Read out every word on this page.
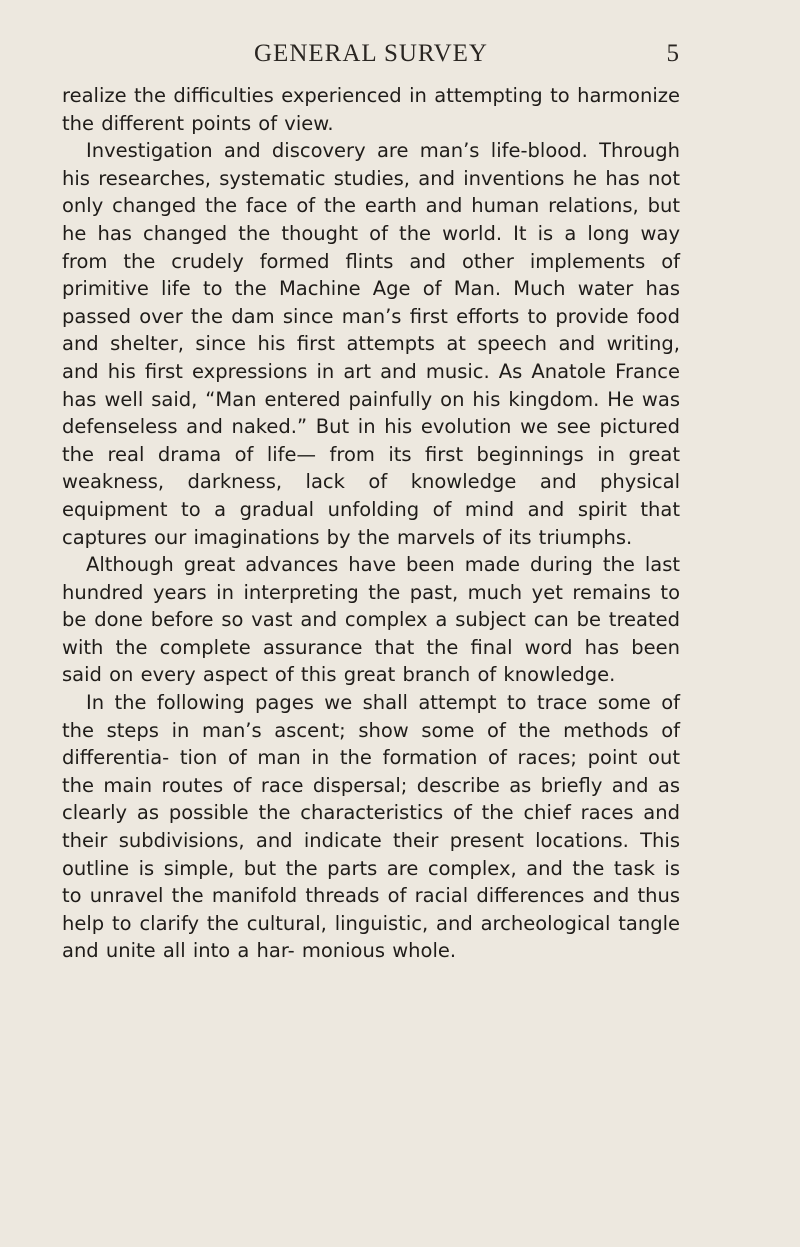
GENERAL SURVEY	5

realize the difficulties experienced in attempting to harmonize the different points of view.

Investigation and discovery are man’s life-blood. Through his researches, systematic studies, and inventions he has not only changed the face of the earth and human relations, but he has changed the thought of the world. It is a long way from the crudely formed flints and other implements of primitive life to the Machine Age of Man. Much water has passed over the dam since man’s first efforts to provide food and shelter, since his first attempts at speech and writing, and his first expressions in art and music. As Anatole France has well said, “Man entered painfully on his kingdom. He was defenseless and naked.” But in his evolution we see pictured the real drama of life— from its first beginnings in great weakness, darkness, lack of knowledge and physical equipment to a gradual unfolding of mind and spirit that captures our imaginations by the marvels of its triumphs.

Although great advances have been made during the last hundred years in interpreting the past, much yet remains to be done before so vast and complex a subject can be treated with the complete assurance that the final word has been said on every aspect of this great branch of knowledge.

In the following pages we shall attempt to trace some of the steps in man’s ascent; show some of the methods of differentia- tion of man in the formation of races; point out the main routes of race dispersal; describe as briefly and as clearly as possible the characteristics of the chief races and their subdivisions, and indicate their present locations. This outline is simple, but the parts are complex, and the task is to unravel the manifold threads of racial differences and thus help to clarify the cultural, linguistic, and archeological tangle and unite all into a har- monious whole.
